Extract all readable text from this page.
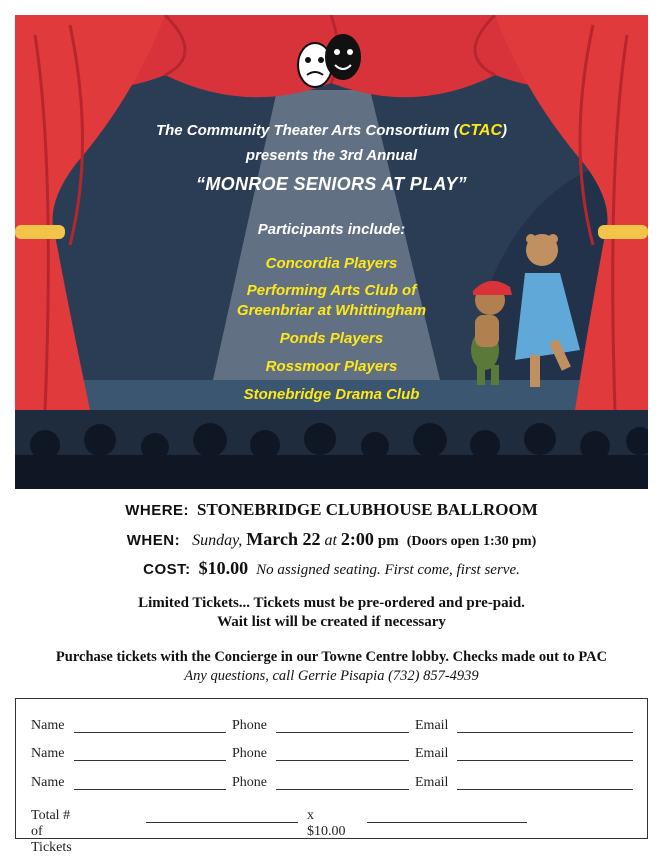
The Community Theater Arts Consortium (CTAC)
presents the 3rd Annual
“MONROE SENIORS AT PLAY”
Participants include:
Concordia Players
Performing Arts Club of
Greenbriar at Whittingham
Ponds Players
Rossmoor Players
Stonebridge Drama Club
WHERE: STONEBRIDGE CLUBHOUSE BALLROOM
WHEN: Sunday, March 22 at 2:00 pm (Doors open 1:30 pm)
COST: $10.00 No assigned seating. First come, first serve.
Limited Tickets... Tickets must be pre-ordered and pre-paid.
Wait list will be created if necessary
Purchase tickets with the Concierge in our Towne Centre lobby. Checks made out to PAC
Any questions, call Gerrie Pisapia (732) 857-4939
Name	Phone	Email
Name	Phone	Email
Name	Phone	Email
Total # of Tickets
x $10.00
